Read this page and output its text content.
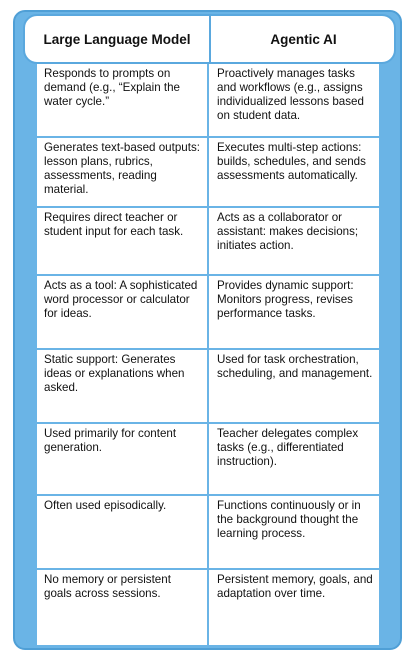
Large Language Model	Agentic AI
Responds to prompts on demand (e.g., “Explain the water cycle.”
Proactively manages tasks and workflows (e.g., assigns individualized lessons based on student data.
Generates text-based outputs: lesson plans, rubrics, assessments, reading material.
Executes multi-step actions: builds, schedules, and sends assessments automatically.
Requires direct teacher or student input for each task.
Acts as a collaborator or assistant: makes decisions; initiates action.
Acts as a tool: A sophisticated word processor or calculator for ideas.
Provides dynamic support: Monitors progress, revises performance tasks.
Static support: Generates ideas or explanations when asked.
Used for task orchestration, scheduling, and management.
Used primarily for content generation.
Teacher delegates complex tasks (e.g., differentiated instruction).
Often used episodically.	Functions continuously or in the background thought the learning process.
No memory or persistent goals across sessions.
Persistent memory, goals, and adaptation over time.
